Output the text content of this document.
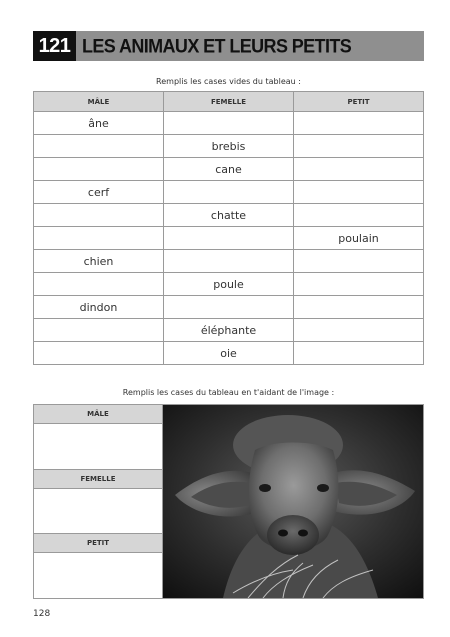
121 LES ANIMAUX ET LEURS PETITS
Remplis les cases vides du tableau :
MÂLE	FEMELLE	PETIT
âne		
	brebis	
	cane	
cerf		
	chatte	
		poulain
chien		
	poule	
dindon		
	éléphante	
	oie	
Remplis les cases du tableau en t'aidant de l'image :
MÂLE
FEMELLE
PETIT
128
